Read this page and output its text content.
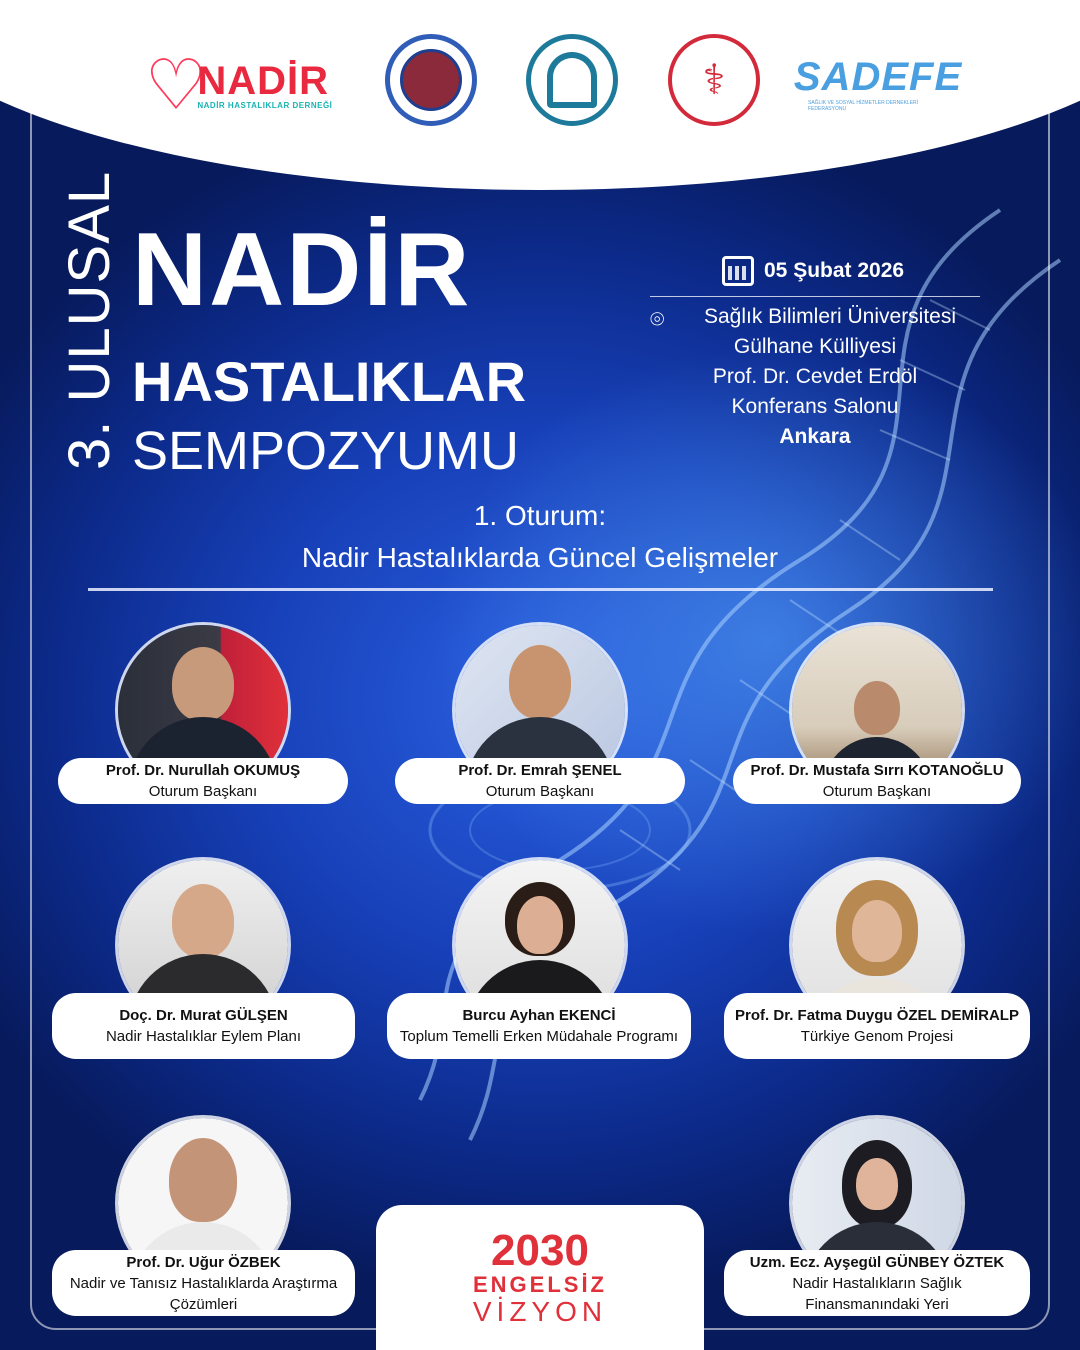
♡
NADİR
NADİR HASTALIKLAR DERNEĞİ
⚕ SADEFE
SAĞLIK VE SOSYAL HİZMETLER DERNEKLERİ FEDERASYONU
3. ULUSAL NADİR
HASTALIKLAR
SEMPOZYUMU
05 Şubat 2026
⌾	Sağlık Bilimleri Üniversitesi
Gülhane Külliyesi
Prof. Dr. Cevdet Erdöl
Konferans Salonu
Ankara
1. Oturum:
Nadir Hastalıklarda Güncel Gelişmeler
Prof. Dr. Nurullah OKUMUŞ
Oturum Başkanı
Prof. Dr. Emrah ŞENEL
Oturum Başkanı
Prof. Dr. Mustafa Sırrı KOTANOĞLU
Oturum Başkanı
Doç. Dr. Murat GÜLŞEN
Nadir Hastalıklar Eylem Planı
Burcu Ayhan EKENCİ
Toplum Temelli Erken Müdahale Programı
Prof. Dr. Fatma Duygu ÖZEL DEMİRALP
Türkiye Genom Projesi
Prof. Dr. Uğur ÖZBEK
Nadir ve Tanısız Hastalıklarda Araştırma Çözümleri
Uzm. Ecz. Ayşegül GÜNBEY ÖZTEK
Nadir Hastalıkların Sağlık Finansmanındaki Yeri
2030
ENGELSİZ
VİZYON
